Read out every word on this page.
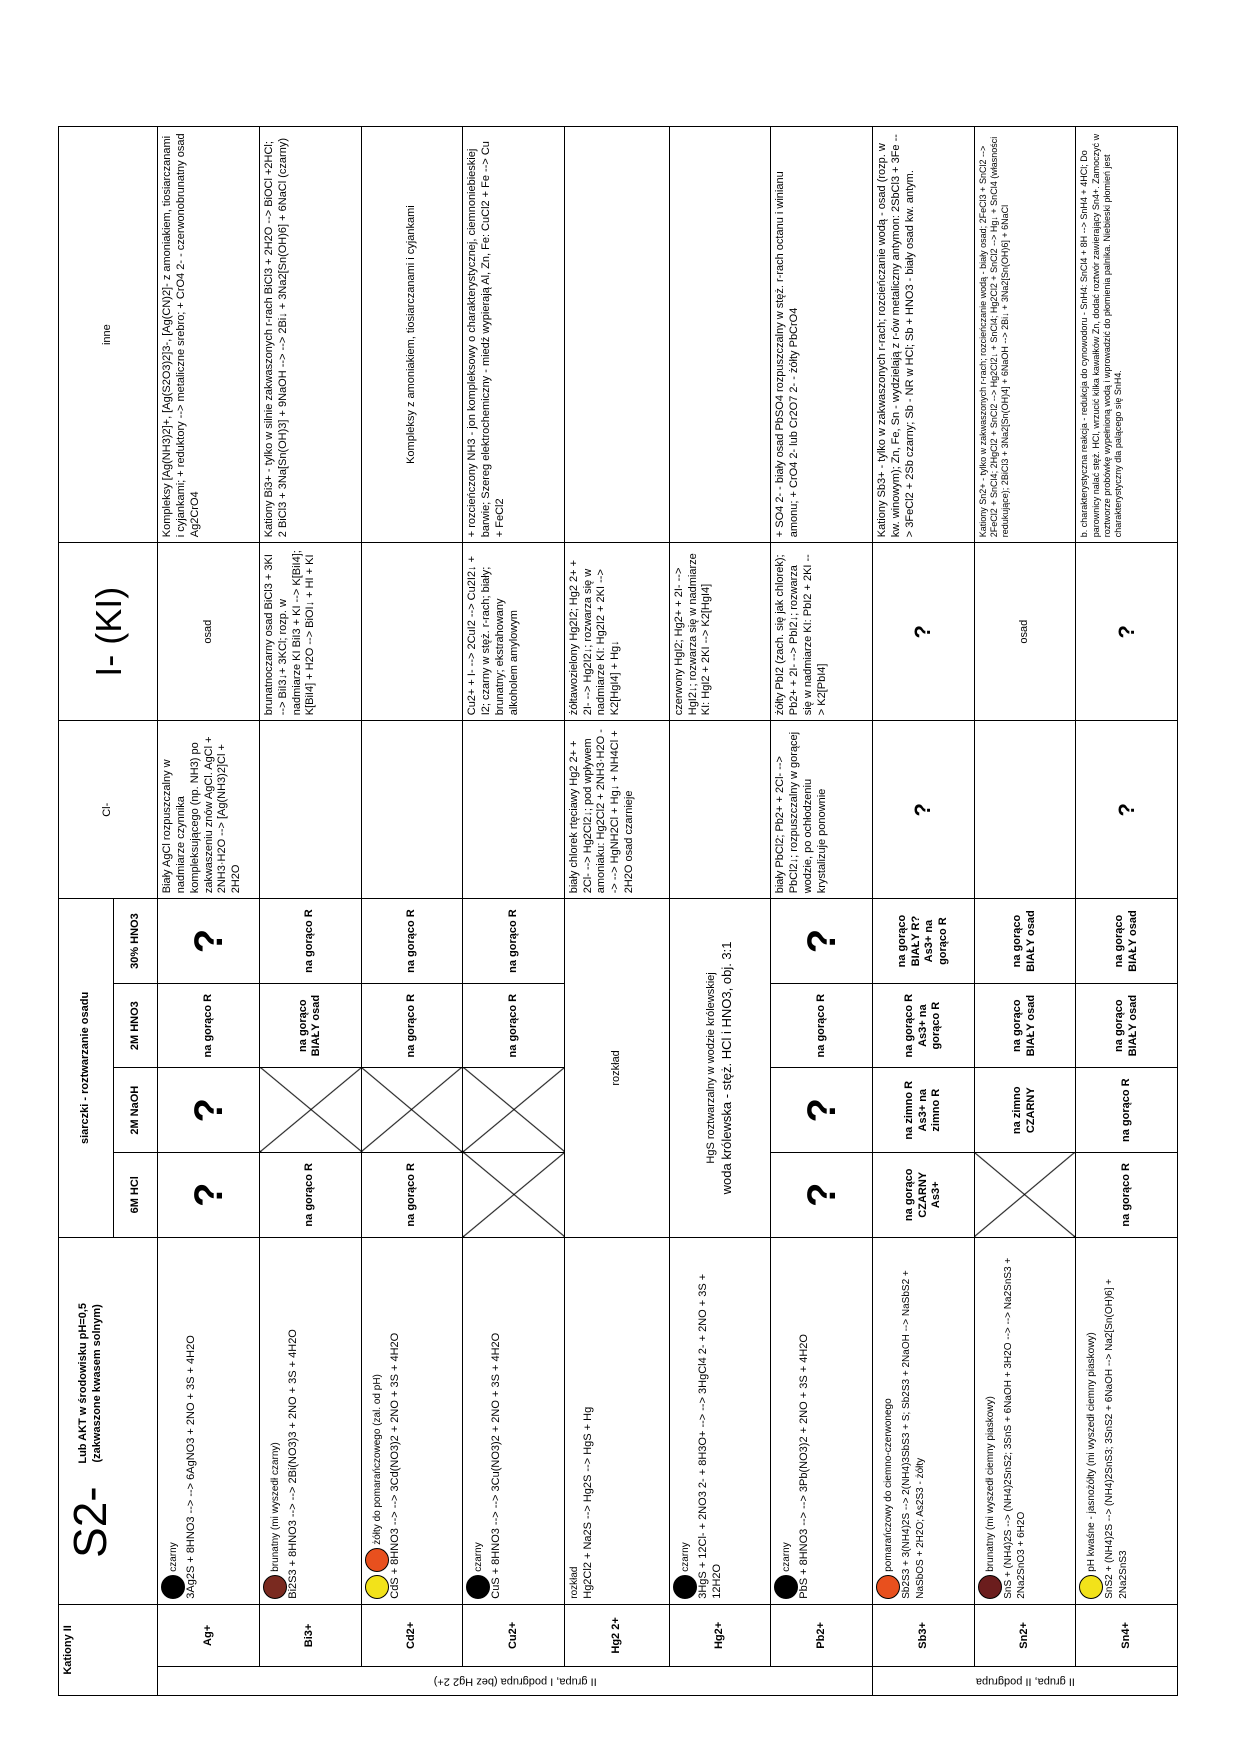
Kationy II		S2- Lub AKT w środowisku pH=0,5 (zakwaszone kwasem solnym)	siarczki - roztwarzanie osadu				Cl-	I- (KI)	inne
			6M HCl	2M NaOH	2M HNO3	30% HNO3			
II grupa, I podgrupa (bez Hg2 2+)	Ag+	czarny 3Ag2S + 8HNO3 --> --> 6AgNO3 + 2NO + 3S + 4H2O	?	?	na gorąco R	?	Biały AgCl rozpuszczalny w nadmiarze czynnika kompleksującego (np. NH3) po zakwaszeniu znów AgCl. AgCl + 2NH3·H2O --> [Ag(NH3)2]Cl + 2H2O	osad	Kompleksy [Ag(NH3)2]+, [Ag(S2O3)2]3-, [Ag(CN)2]- z amoniakiem, tiosiarczanami i cyjankami; + reduktory --> metaliczne srebro; + CrO4 2- - czerwonobrunatny osad Ag2CrO4
	Bi3+	brunatny (mi wyszedł czarny) Bi2S3 + 8HNO3 --> --> 2Bi(NO3)3 + 2NO + 3S + 4H2O	na gorąco R		na gorąco BIAŁY osad	na gorąco R		brunatnoczarny osad BiCl3 + 3KI --> BiI3↓+ 3KCl; rozp. w nadmiarze KI BiI3 + KI --> K[BiI4]; K[BiI4] + H2O --> BiOI↓ + HI + KI	Kationy Bi3+ - tylko w silnie zakwaszonych r-rach BiCl3 + 2H2O --> BiOCl +2HCl; 2 BiCl3 + 3Na[Sn(OH)3] + 9NaOH --> --> 2Bi↓ + 3Na2[Sn(OH)6] + 6NaCl (czarny)
	Cd2+	żółty do pomarańczowego (zal. od pH) CdS + 8HNO3 --> --> 3Cd(NO3)2 + 2NO + 3S + 4H2O	na gorąco R		na gorąco R	na gorąco R			Kompleksy z amoniakiem, tiosiarczanami i cyjankami
	Cu2+	czarny CuS + 8HNO3 --> --> 3Cu(NO3)2 + 2NO + 3S + 4H2O			na gorąco R	na gorąco R		Cu2+ + I- --> 2CuI2 --> Cu2I2↓ + I2; czarny w stęż. r-rach; biały; brunatny; ekstrahowany alkoholem amylowym	+ rozcieńczony NH3 - jon kompleksowy o charakterystycznej, ciemnoniebieskiej barwie; Szereg elektrochemiczny - miedź wypierają Al, Zn, Fe: CuCl2 + Fe --> Cu + FeCl2
	Hg2 2+	rozkład Hg2Cl2 + Na2S --> Hg2S --> HgS + Hg	rozkład				biały chlorek rtęciawy Hg2 2+ + 2Cl- --> Hg2Cl2↓; pod wpływem amoniaku: Hg2Cl2 + 2NH3·H2O --> --> HgNH2Cl + Hg↓ + NH4Cl + 2H2O osad czarnieje	żółtawozielony Hg2I2; Hg2 2+ + 2I- --> Hg2I2↓; rozwarza się w nadmiarze KI: Hg2I2 + 2KI --> K2[HgI4] + Hg↓	
	Hg2+	czarny 3HgS + 12Cl- + 2NO3 2- + 8H3O+ --> --> 3HgCl4 2- + 2NO + 3S + 12H2O	HgS roztwarzalny w wodzie królewskiej woda królewska - stęż. HCl i HNO3, obj. 3:1					czerwony HgI2; Hg2+ + 2I- --> HgI2↓; rozwarza się w nadmiarze KI: HgI2 + 2KI --> K2[HgI4]	
	Pb2+	czarny PbS + 8HNO3 --> --> 3Pb(NO3)2 + 2NO + 3S + 4H2O	?	?	na gorąco R	?	biały PbCl2; Pb2+ + 2Cl- --> PbCl2↓; rozpuszczalny w gorącej wodzie, po ochłodzeniu krystalizuje ponownie	żółty PbI2 (zach. się jak chlorek); Pb2+ + 2I- --> PbI2↓; rozwarza się w nadmiarze KI: PbI2 + 2KI --> K2[PbI4]	+ SO4 2- - biały osad PbSO4 rozpuszczalny w stęż. r-rach octanu i winianu amonu; + CrO4 2- lub Cr2O7 2- - żółty PbCrO4
II grupa, II podgrupa	Sb3+	pomarańczowy do ciemno-czerwonego Sb2S3 + 3(NH4)2S --> 2(NH4)3SbS3 + S; Sb2S3 + 2NaOH --> NaSbS2 + NaSbOS + 2H2O; As2S3 - żółty	na gorąco CZARNY As3+	na zimno R As3+ na zimno R	na gorąco R As3+ na gorąco R	na gorąco BIAŁY R? As3+ na gorąco R	?	?	Kationy Sb3+ - tylko w zakwaszonych r-rach; rozcieńczanie wodą - osad (rozp. w kw. winowym); Zn, Fe, Sn - wydzielają z r-ów metaliczny antymon: 2SbCl3 + 3Fe --> 3FeCl2 + 2Sb czarny; Sb - NR w HCl; Sb + HNO3 - biały osad kw. antym.
	Sn2+	brunatny (mi wyszedł ciemny piaskowy) SnS + (NH4)2S --> (NH4)2SnS2; 3SnS + 6NaOH + 3H2O --> --> Na2SnS3 + 2Na2SnO3 + 6H2O		na zimno CZARNY	na gorąco BIAŁY osad	na gorąco BIAŁY osad		osad	Kationy Sn2+ - tylko w zakwaszonych r-rach; rozcieńczanie wodą - biały osad; 2FeCl3 + SnCl2 --> 2FeCl2 + SnCl4; 2HgCl2 + SnCl2 --> Hg2Cl2↓ + SnCl4; Hg2Cl2 + SnCl2 --> Hg↓ + SnCl4 (własności redukujące); 2BiCl3 + 3Na2[Sn(OH)4] + 6NaOH --> 2Bi↓ + 3Na2[Sn(OH)6] + 6NaCl
	Sn4+	pH kwaśne - jasnożółty (mi wyszedł ciemny piaskowy) SnS2 + (NH4)2S --> (NH4)2SnS3; 3SnS2 + 6NaOH --> Na2[Sn(OH)6] + 2Na2SnS3	na gorąco R	na gorąco R	na gorąco BIAŁY osad	na gorąco BIAŁY osad	?	?	b. charakterystyczna reakcja - redukcja do cynowodoru - SnH4: SnCl4 + 8H --> SnH4 + 4HCl; Do parownicy nalać stęż. HCl, wrzucić kilka kawałków Zn, dodać roztwór zawierający Sn4+. Zamoczyć w roztworze probówkę wypełnioną wodą i wprowadzić do płomienia palnika. Niebieski płomień jest charakterystyczny dla palącego się SnH4.
